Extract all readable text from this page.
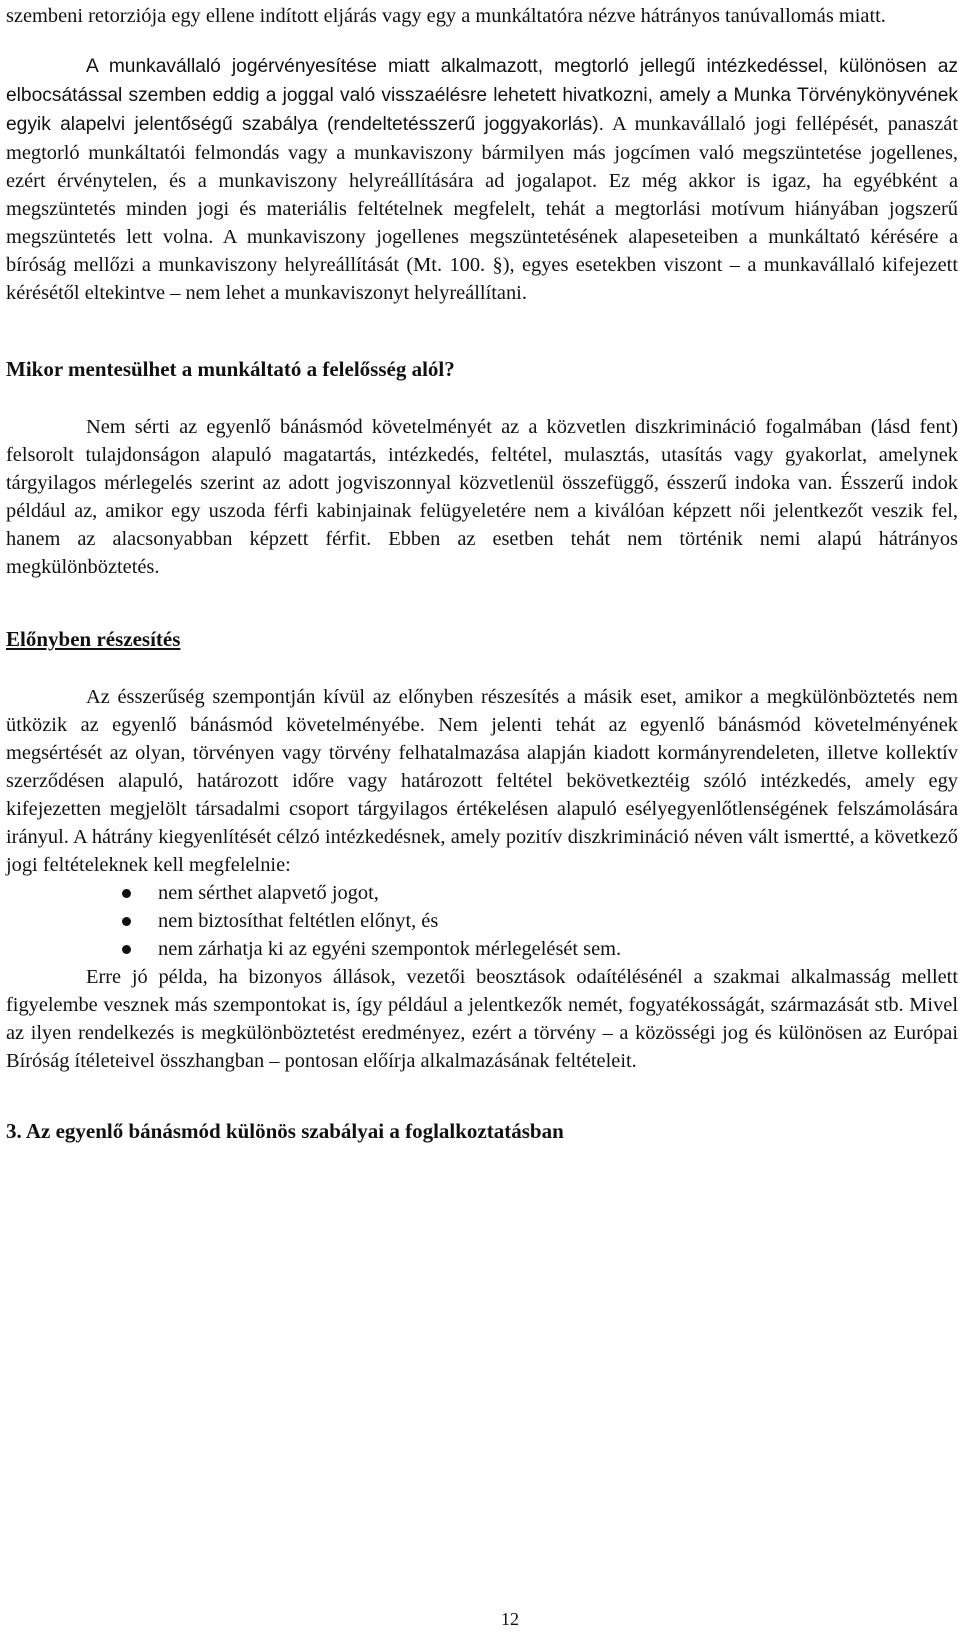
szembeni retorziója egy ellene indított eljárás vagy egy a munkáltatóra nézve hátrányos tanúvallomás miatt.

A munkavállaló jogérvényesítése miatt alkalmazott, megtorló jellegű intézkedéssel, különösen az elbocsátással szemben eddig a joggal való visszaélésre lehetett hivatkozni, amely a Munka Törvénykönyvének egyik alapelvi jelentőségű szabálya (rendeltetésszerű joggyakorlás). A munkavállaló jogi fellépését, panaszát megtorló munkáltatói felmondás vagy a munkaviszony bármilyen más jogcímen való megszüntetése jogellenes, ezért érvénytelen, és a munkaviszony helyreállítására ad jogalapot. Ez még akkor is igaz, ha egyébként a megszüntetés minden jogi és materiális feltételnek megfelelt, tehát a megtorlási motívum hiányában jogszerű megszüntetés lett volna. A munkaviszony jogellenes megszüntetésének alapeseteiben a munkáltató kérésére a bíróság mellőzi a munkaviszony helyreállítását (Mt. 100. §), egyes esetekben viszont – a munkavállaló kifejezett kérésétől eltekintve – nem lehet a munkaviszonyt helyreállítani.

Mikor mentesülhet a munkáltató a felelősség alól?

Nem sérti az egyenlő bánásmód követelményét az a közvetlen diszkrimináció fogalmában (lásd fent) felsorolt tulajdonságon alapuló magatartás, intézkedés, feltétel, mulasztás, utasítás vagy gyakorlat, amelynek tárgyilagos mérlegelés szerint az adott jogviszonnyal közvetlenül összefüggő, ésszerű indoka van. Ésszerű indok például az, amikor egy uszoda férfi kabinjainak felügyeletére nem a kiválóan képzett női jelentkezőt veszik fel, hanem az alacsonyabban képzett férfit. Ebben az esetben tehát nem történik nemi alapú hátrányos megkülönböztetés.

Előnyben részesítés

Az ésszerűség szempontján kívül az előnyben részesítés a másik eset, amikor a megkülönböztetés nem ütközik az egyenlő bánásmód követelményébe. Nem jelenti tehát az egyenlő bánásmód követelményének megsértését az olyan, törvényen vagy törvény felhatalmazása alapján kiadott kormányrendeleten, illetve kollektív szerződésen alapuló, határozott időre vagy határozott feltétel bekövetkeztéig szóló intézkedés, amely egy kifejezetten megjelölt társadalmi csoport tárgyilagos értékelésen alapuló esélyegyenlőtlenségének felszámolására irányul. A hátrány kiegyenlítését célzó intézkedésnek, amely pozitív diszkrimináció néven vált ismertté, a következő jogi feltételeknek kell megfelelnie:

nem sérthet alapvető jogot,
nem biztosíthat feltétlen előnyt, és
nem zárhatja ki az egyéni szempontok mérlegelését sem.

Erre jó példa, ha bizonyos állások, vezetői beosztások odaítélésénél a szakmai alkalmasság mellett figyelembe vesznek más szempontokat is, így például a jelentkezők nemét, fogyatékosságát, származását stb. Mivel az ilyen rendelkezés is megkülönböztetést eredményez, ezért a törvény – a közösségi jog és különösen az Európai Bíróság ítéleteivel összhangban – pontosan előírja alkalmazásának feltételeit.

3. Az egyenlő bánásmód különös szabályai a foglalkoztatásban
12
